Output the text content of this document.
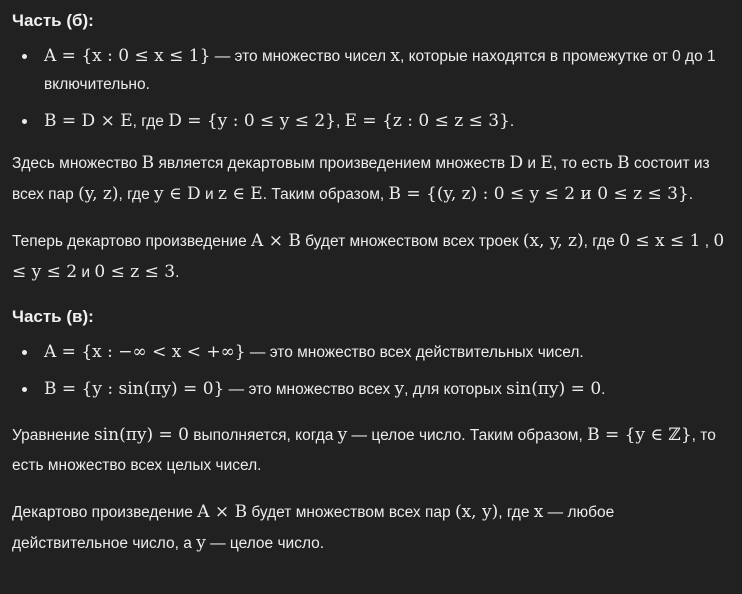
Часть (б):
A = {x : 0 ≤ x ≤ 1} — это множество чисел x, которые находятся в промежутке от 0 до 1 включительно.
B = D × E, где D = {y : 0 ≤ y ≤ 2}, E = {z : 0 ≤ z ≤ 3}.

Здесь множество B является декартовым произведением множеств D и E, то есть B состоит из всех пар (y, z), где y ∈ D и z ∈ E. Таким образом, B = {(y, z) : 0 ≤ y ≤ 2 и 0 ≤ z ≤ 3}.

Теперь декартово произведение A × B будет множеством всех троек (x, y, z), где 0 ≤ x ≤ 1 , 0 ≤ y ≤ 2 и 0 ≤ z ≤ 3.

Часть (в):
A = {x : −∞ < x < +∞} — это множество всех действительных чисел.
B = {y : sin(πy) = 0} — это множество всех y, для которых sin(πy) = 0.

Уравнение sin(πy) = 0 выполняется, когда y — целое число. Таким образом, B = {y ∈ ℤ}, то есть множество всех целых чисел.

Декартово произведение A × B будет множеством всех пар (x, y), где x — любое действительное число, а y — целое число.
